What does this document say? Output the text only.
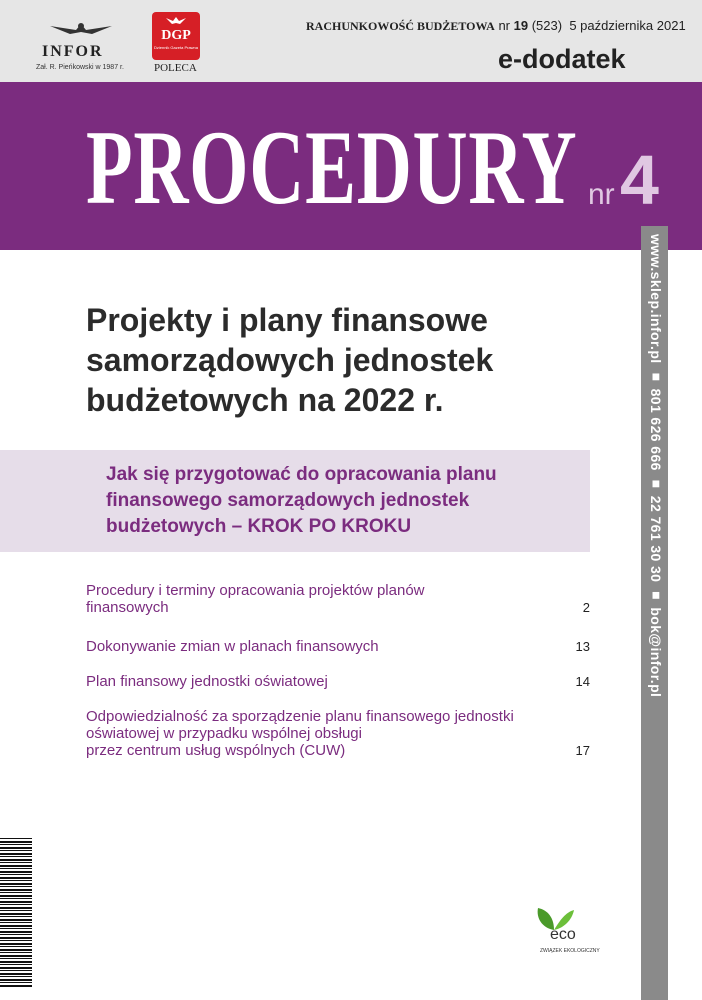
INFOR
Zał. R. Pieńkowski w 1987 r.
DGP
Dziennik Gazeta Prawna
POLECA
RACHUNKOWOŚĆ BUDŻETOWA nr 19 (523) 5 października 2021
e-dodatek
PROCEDURY nr 4
www.sklep.infor.pl ■ 801 626 666 ■ 22 761 30 30 ■ bok@infor.pl
Projekty i plany finansowe samorządowych jednostek budżetowych na 2022 r.
Jak się przygotować do opracowania planu finansowego samorządowych jednostek budżetowych – KROK PO KROKU
Procedury i terminy opracowania projektów planów
finansowych	2
Dokonywanie zmian w planach finansowych	13
Plan finansowy jednostki oświatowej	14
Odpowiedzialność za sporządzenie planu finansowego jednostki oświatowej w przypadku wspólnej obsługi
przez centrum usług wspólnych (CUW)	17
eco
ZWIĄZEK EKOLOGICZNY
